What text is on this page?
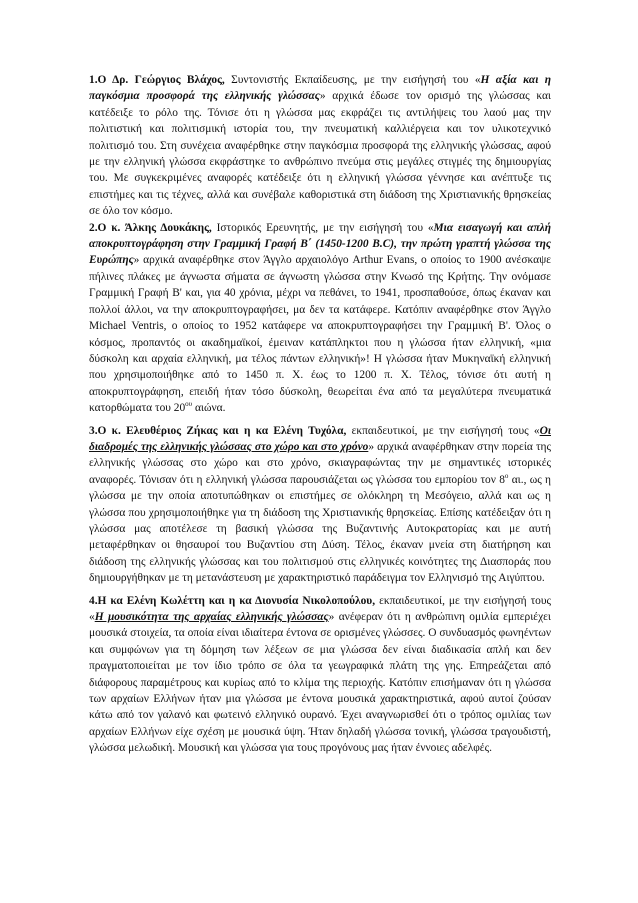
1.Ο Δρ. Γεώργιος Βλάχος, Συντονιστής Εκπαίδευσης, με την εισήγησή του «Η αξία και η παγκόσμια προσφορά της ελληνικής γλώσσας» αρχικά έδωσε τον ορισμό της γλώσσας και κατέδειξε το ρόλο της. Τόνισε ότι η γλώσσα μας εκφράζει τις αντιλήψεις του λαού μας την πολιτιστική και πολιτισμική ιστορία του, την πνευματική καλλιέργεια και τον υλικοτεχνικό πολιτισμό του. Στη συνέχεια αναφέρθηκε στην παγκόσμια προσφορά της ελληνικής γλώσσας, αφού με την ελληνική γλώσσα εκφράστηκε το ανθρώπινο πνεύμα στις μεγάλες στιγμές της δημιουργίας του. Με συγκεκριμένες αναφορές κατέδειξε ότι η ελληνική γλώσσα γέννησε και ανέπτυξε τις επιστήμες και τις τέχνες, αλλά και συνέβαλε καθοριστικά στη διάδοση της Χριστιανικής θρησκείας σε όλο τον κόσμο.

2.Ο κ. Άλκης Δουκάκης, Ιστορικός Ερευνητής, με την εισήγησή του «Μια εισαγωγή και απλή αποκρυπτογράφηση στην Γραμμική Γραφή Β΄ (1450-1200 B.C), την πρώτη γραπτή γλώσσα της Ευρώπης» αρχικά αναφέρθηκε στον Άγγλο αρχαιολόγο Arthur Evans, ο οποίος το 1900 ανέσκαψε πήλινες πλάκες με άγνωστα σήματα σε άγνωστη γλώσσα στην Κνωσό της Κρήτης. Την ονόμασε Γραμμική Γραφή Β' και, για 40 χρόνια, μέχρι να πεθάνει, το 1941, προσπαθούσε, όπως έκαναν και πολλοί άλλοι, να την αποκρυπτογραφήσει, μα δεν τα κατάφερε. Κατόπιν αναφέρθηκε στον Άγγλο Michael Ventris, ο οποίος το 1952 κατάφερε να αποκρυπτογραφήσει την Γραμμική Β'. Όλος ο κόσμος, προπαντός οι ακαδημαϊκοί, έμειναν κατάπληκτοι που η γλώσσα ήταν ελληνική, «μια δύσκολη και αρχαία ελληνική, μα τέλος πάντων ελληνική»! Η γλώσσα ήταν Μυκηναϊκή ελληνική που χρησιμοποιήθηκε από το 1450 π. Χ. έως το 1200 π. Χ. Τέλος, τόνισε ότι αυτή η αποκρυπτογράφηση, επειδή ήταν τόσο δύσκολη, θεωρείται ένα από τα μεγαλύτερα πνευματικά κατορθώματα του $20^{o\upsilon}$ αιώνα.

3.Ο κ. Ελευθέριος Ζήκας και η κα Ελένη Τυχόλα, εκπαιδευτικοί, με την εισήγησή τους «Οι διαδρομές της ελληνικής γλώσσας στο χώρο και στο χρόνο» αρχικά αναφέρθηκαν στην πορεία της ελληνικής γλώσσας στο χώρο και στο χρόνο, σκιαγραφώντας την με σημαντικές ιστορικές αναφορές. Τόνισαν ότι η ελληνική γλώσσα παρουσιάζεται ως γλώσσα του εμπορίου τον $8^o$ αι., ως η γλώσσα με την οποία αποτυπώθηκαν οι επιστήμες σε ολόκληρη τη Μεσόγειο, αλλά και ως η γλώσσα που χρησιμοποιήθηκε για τη διάδοση της Χριστιανικής θρησκείας. Επίσης κατέδειξαν ότι η γλώσσα μας αποτέλεσε τη βασική γλώσσα της Βυζαντινής Αυτοκρατορίας και με αυτή μεταφέρθηκαν οι θησαυροί του Βυζαντίου στη Δύση. Τέλος, έκαναν μνεία στη διατήρηση και διάδοση της ελληνικής γλώσσας και του πολιτισμού στις ελληνικές κοινότητες της Διασποράς που δημιουργήθηκαν με τη μετανάστευση με χαρακτηριστικό παράδειγμα τον Ελληνισμό της Αιγύπτου.

4.Η κα Ελένη Κωλέττη και η κα Διονυσία Νικολοπούλου, εκπαιδευτικοί, με την εισήγησή τους «Η μουσικότητα της αρχαίας ελληνικής γλώσσας» ανέφεραν ότι η ανθρώπινη ομιλία εμπεριέχει μουσικά στοιχεία, τα οποία είναι ιδιαίτερα έντονα σε ορισμένες γλώσσες. Ο συνδυασμός φωνηέντων και συμφώνων για τη δόμηση των λέξεων σε μια γλώσσα δεν είναι διαδικασία απλή και δεν πραγματοποιείται με τον ίδιο τρόπο σε όλα τα γεωγραφικά πλάτη της γης. Επηρεάζεται από διάφορους παραμέτρους και κυρίως από το κλίμα της περιοχής. Κατόπιν επισήμαναν ότι η γλώσσα των αρχαίων Ελλήνων ήταν μια γλώσσα με έντονα μουσικά χαρακτηριστικά, αφού αυτοί ζούσαν κάτω από τον γαλανό και φωτεινό ελληνικό ουρανό. Έχει αναγνωρισθεί ότι ο τρόπος ομιλίας των αρχαίων Ελλήνων είχε σχέση με μουσικά ύψη. Ήταν δηλαδή γλώσσα τονική, γλώσσα τραγουδιστή, γλώσσα μελωδική. Μουσική και γλώσσα για τους προγόνους μας ήταν έννοιες αδελφές.
